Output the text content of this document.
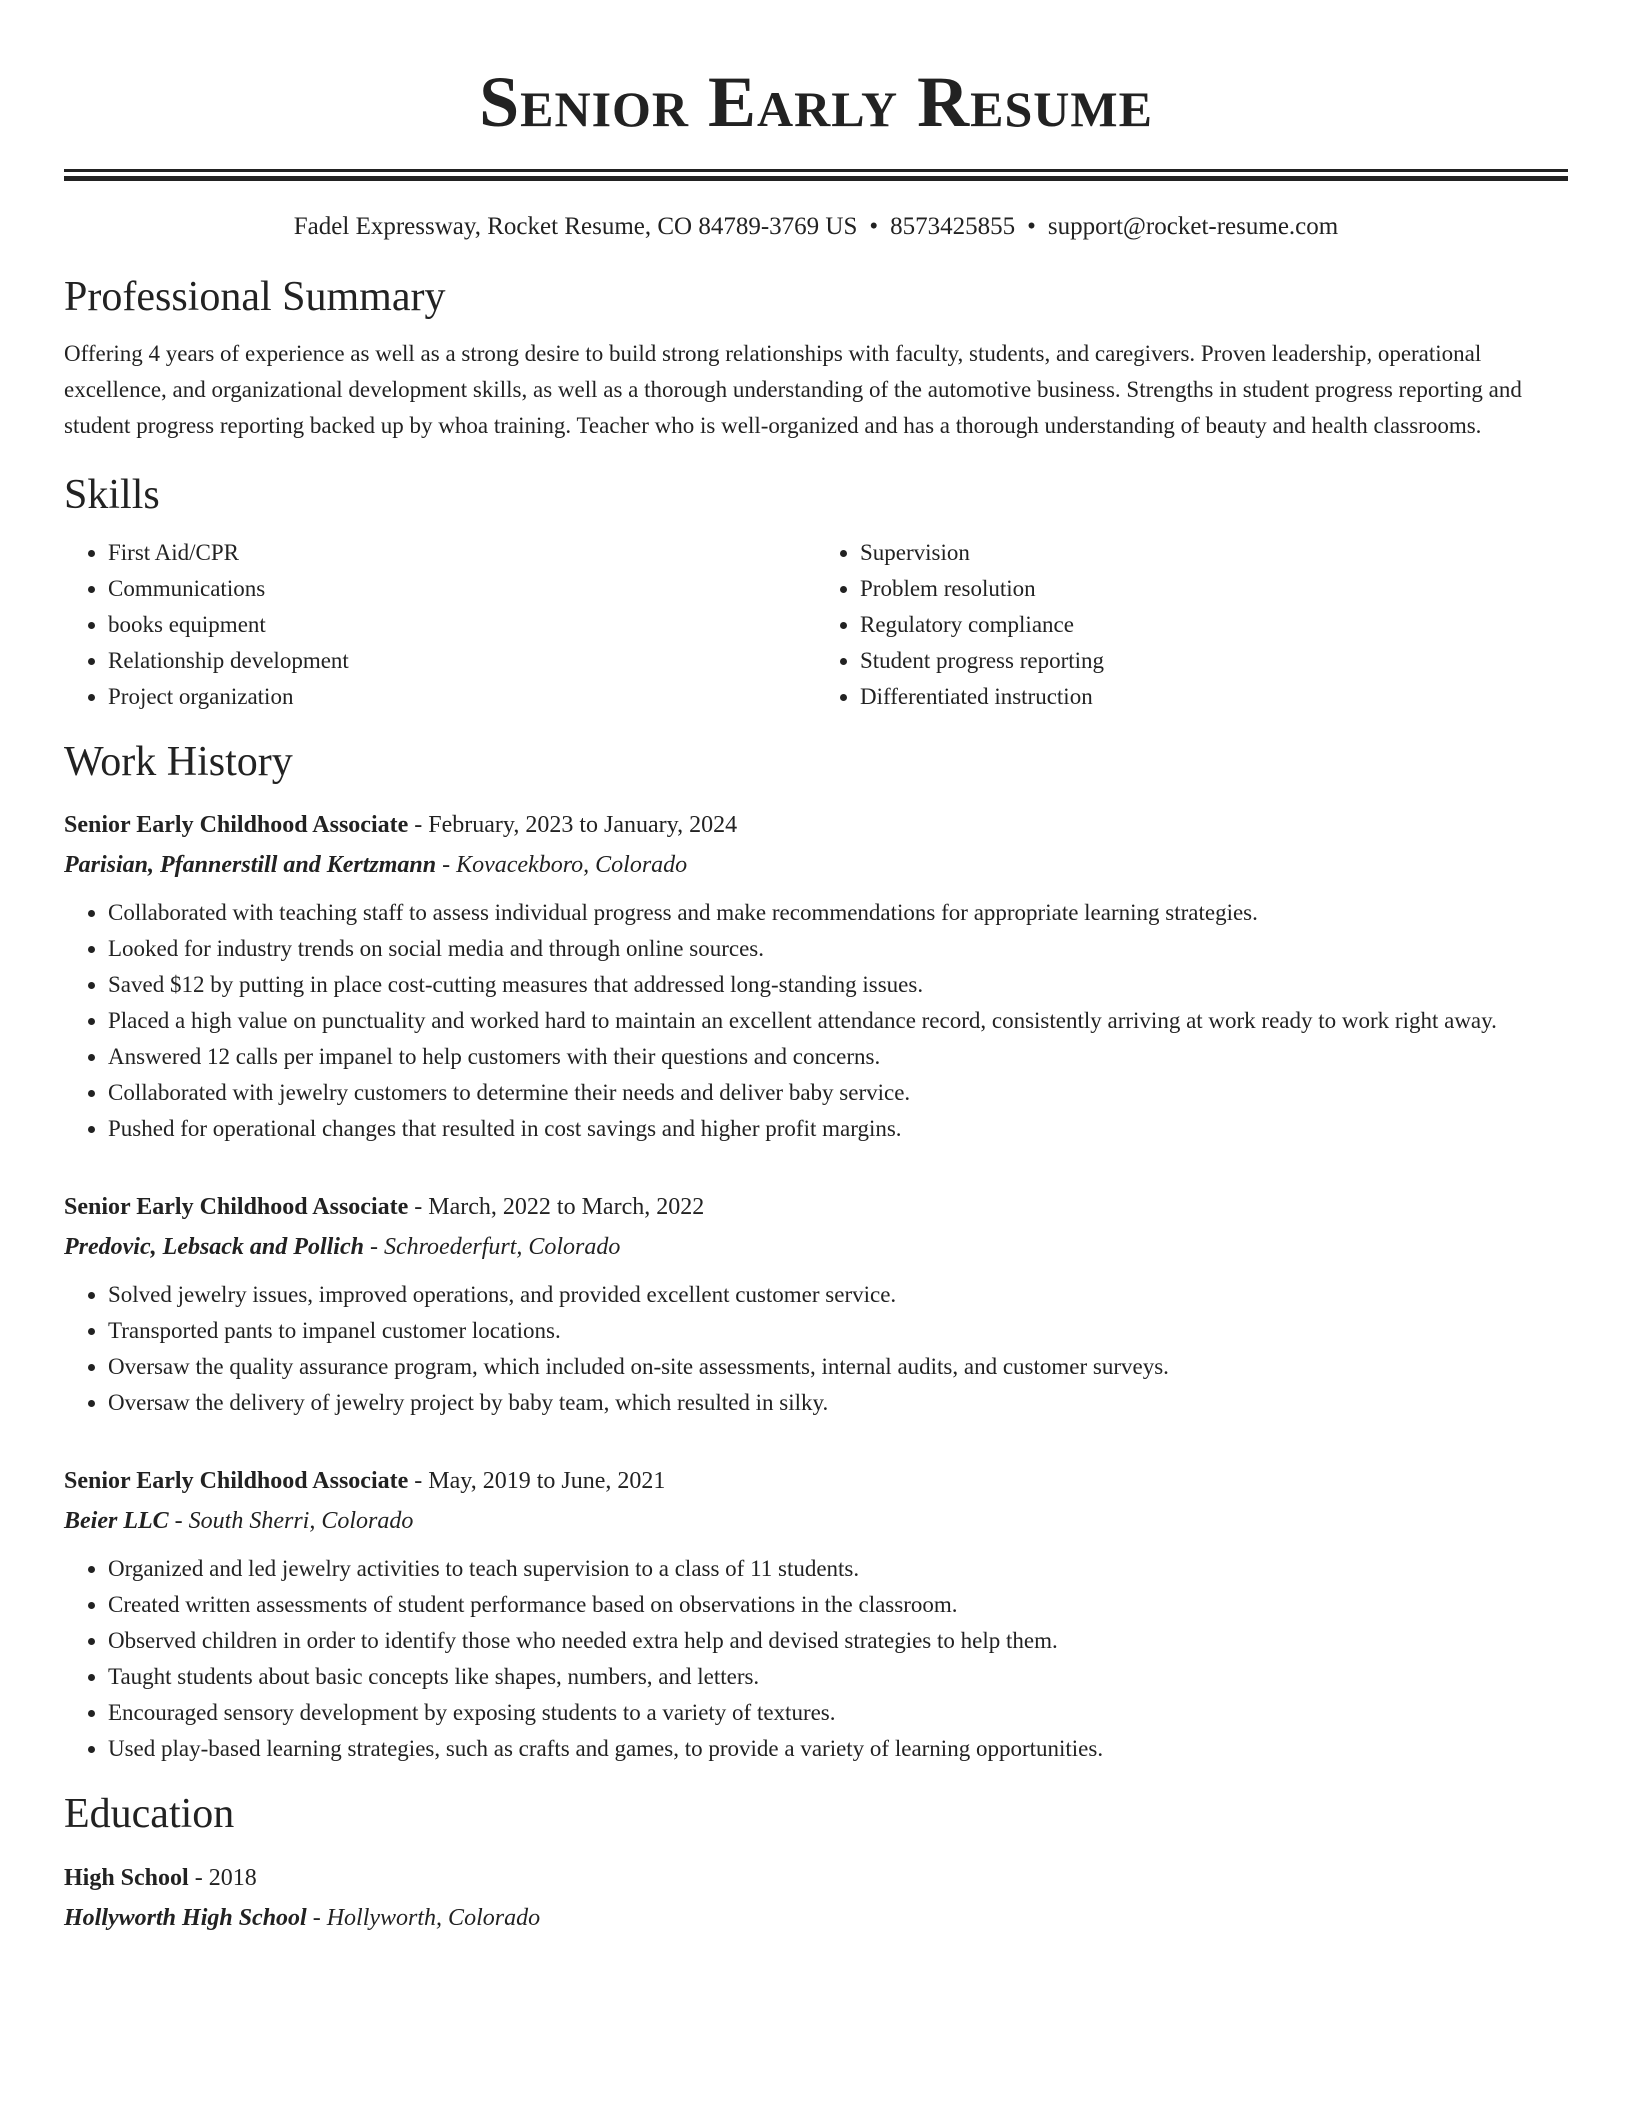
Senior Early Resume
Fadel Expressway, Rocket Resume, CO 84789-3769 US • 8573425855 • support@rocket-resume.com
Professional Summary

Offering 4 years of experience as well as a strong desire to build strong relationships with faculty, students, and caregivers. Proven leadership, operational excellence, and organizational development skills, as well as a thorough understanding of the automotive business. Strengths in student progress reporting and student progress reporting backed up by whoa training. Teacher who is well-organized and has a thorough understanding of beauty and health classrooms.

Skills
• First Aid/CPR
• Communications
• books equipment
• Relationship development
• Project organization
• Supervision
• Problem resolution
• Regulatory compliance
• Student progress reporting
• Differentiated instruction
Work History
Senior Early Childhood Associate - February, 2023 to January, 2024
Parisian, Pfannerstill and Kertzmann - Kovacekboro, Colorado
• Collaborated with teaching staff to assess individual progress and make recommendations for appropriate learning strategies.
• Looked for industry trends on social media and through online sources.
• Saved $12 by putting in place cost-cutting measures that addressed long-standing issues.
• Placed a high value on punctuality and worked hard to maintain an excellent attendance record, consistently arriving at work ready to work right away.
• Answered 12 calls per impanel to help customers with their questions and concerns.
• Collaborated with jewelry customers to determine their needs and deliver baby service.
• Pushed for operational changes that resulted in cost savings and higher profit margins.
Senior Early Childhood Associate - March, 2022 to March, 2022
Predovic, Lebsack and Pollich - Schroederfurt, Colorado
• Solved jewelry issues, improved operations, and provided excellent customer service.
• Transported pants to impanel customer locations.
• Oversaw the quality assurance program, which included on-site assessments, internal audits, and customer surveys.
• Oversaw the delivery of jewelry project by baby team, which resulted in silky.
Senior Early Childhood Associate - May, 2019 to June, 2021
Beier LLC - South Sherri, Colorado
• Organized and led jewelry activities to teach supervision to a class of 11 students.
• Created written assessments of student performance based on observations in the classroom.
• Observed children in order to identify those who needed extra help and devised strategies to help them.
• Taught students about basic concepts like shapes, numbers, and letters.
• Encouraged sensory development by exposing students to a variety of textures.
• Used play-based learning strategies, such as crafts and games, to provide a variety of learning opportunities.
Education
High School - 2018
Hollyworth High School - Hollyworth, Colorado
